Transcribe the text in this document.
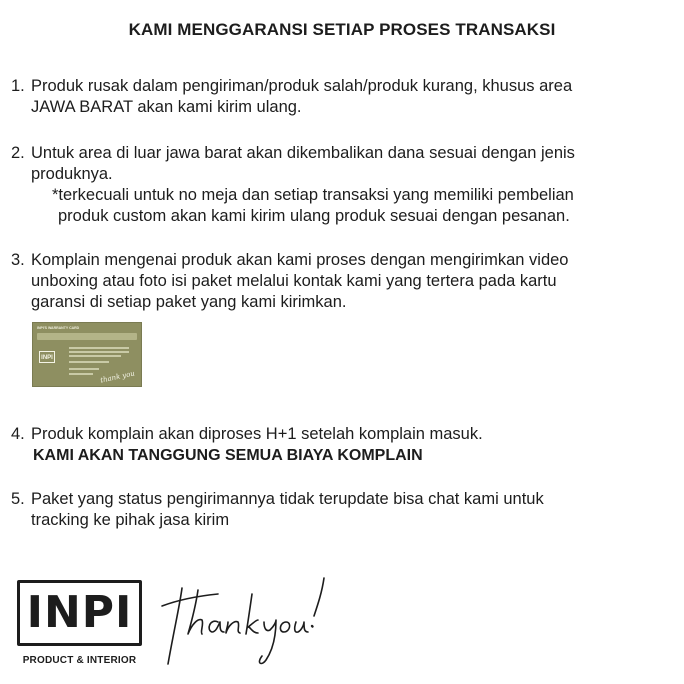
KAMI MENGGARANSI SETIAP PROSES TRANSAKSI
1. Produk rusak dalam pengiriman/produk salah/produk kurang, khusus area
JAWA BARAT akan kami kirim ulang.
2. Untuk area di luar jawa barat akan dikembalikan dana sesuai dengan jenis
produknya.
*terkecuali untuk no meja dan setiap transaksi yang memiliki pembelian
produk custom akan kami kirim ulang produk sesuai dengan pesanan.
3. Komplain mengenai produk akan kami proses dengan mengirimkan video
unboxing atau foto isi paket melalui kontak kami yang tertera pada kartu
garansi di setiap paket yang kami kirimkan.
INPI'S WARRANTY CARD
INPI
thank you
4. Produk komplain akan diproses H+1 setelah komplain masuk.
KAMI AKAN TANGGUNG SEMUA BIAYA KOMPLAIN
5. Paket yang status pengirimannya tidak terupdate bisa chat kami untuk
tracking ke pihak jasa kirim
INPI
PRODUCT & INTERIOR
